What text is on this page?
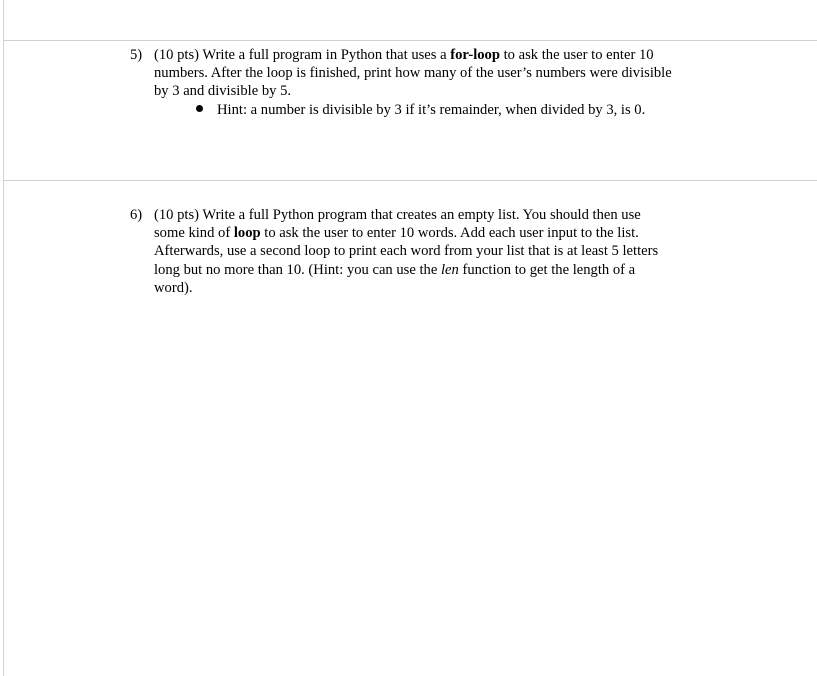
5) (10 pts) Write a full program in Python that uses a for-loop to ask the user to enter 10
numbers. After the loop is finished, print how many of the user’s numbers were divisible
by 3 and divisible by 5.
Hint: a number is divisible by 3 if it’s remainder, when divided by 3, is 0.
6) (10 pts) Write a full Python program that creates an empty list. You should then use
some kind of loop to ask the user to enter 10 words. Add each user input to the list.
Afterwards, use a second loop to print each word from your list that is at least 5 letters
long but no more than 10. (Hint: you can use the len function to get the length of a
word).
